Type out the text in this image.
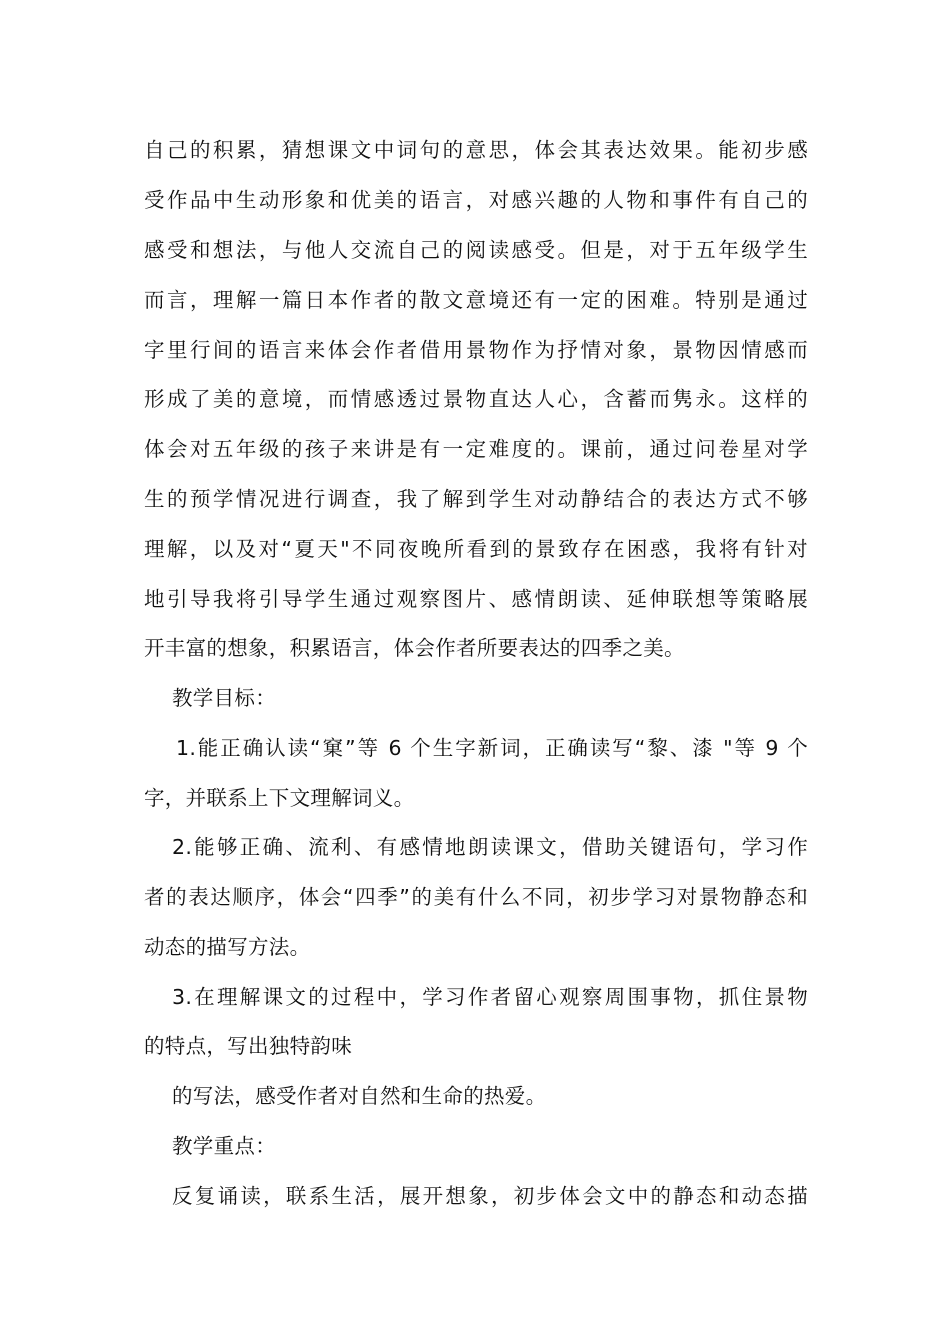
自己的积累，猜想课文中词句的意思，体会其表达效果。能初步感
受作品中生动形象和优美的语言，对感兴趣的人物和事件有自己的
感受和想法，与他人交流自己的阅读感受。但是，对于五年级学生
而言，理解一篇日本作者的散文意境还有一定的困难。特别是通过
字里行间的语言来体会作者借用景物作为抒情对象，景物因情感而
形成了美的意境，而情感透过景物直达人心，含蓄而隽永。这样的
体会对五年级的孩子来讲是有一定难度的。课前，通过问卷星对学
生的预学情况进行调查，我了解到学生对动静结合的表达方式不够
理解，以及对“夏天"不同夜晚所看到的景致存在困惑，我将有针对
地引导我将引导学生通过观察图片、感情朗读、延伸联想等策略展
开丰富的想象，积累语言，体会作者所要表达的四季之美。
教学目标：
1.能正确认读“窠”等 6 个生字新词，正确读写“黎、漆 "等 9 个
字，并联系上下文理解词义。
2.能够正确、流利、有感情地朗读课文，借助关键语句，学习作
者的表达顺序，体会“四季”的美有什么不同，初步学习对景物静态和
动态的描写方法。
3.在理解课文的过程中，学习作者留心观察周围事物，抓住景物
的特点，写出独特韵味
的写法，感受作者对自然和生命的热爱。
教学重点：
反复诵读，联系生活，展开想象，初步体会文中的静态和动态描
